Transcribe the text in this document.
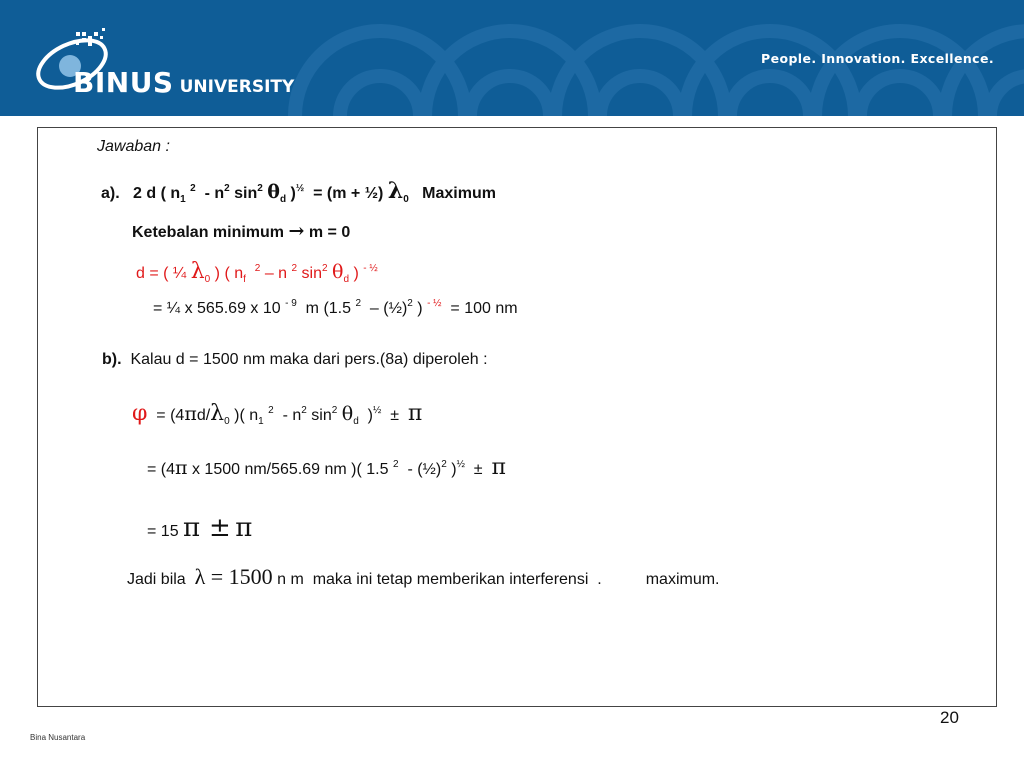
BINUS UNIVERSITY
People. Innovation. Excellence.
Jawaban :
a). 2 d ( $n_1$ $^2 - n^2$ $\sin^2 \theta_d$ )$^{\frac{1}{2}}$ = (m + ½) $\lambda_0$ Maximum
Ketebalan minimum → m = 0
d = ( ¼ $\lambda_0$ ) ( $n_f$  $^2$ – n $^2$ $\sin^2 \theta_d$ ) $^{- \frac{1}{2}}$
= ¼ x 565.69 x 10 $^{- 9}$ m (1.5 $^2$ – (½)$^2$ ) $^{- \frac{1}{2}}$ = 100 nm
b). Kalau d = 1500 nm maka dari pers.(8a) diperoleh :
$\varphi = (4\pi d/\lambda_0$ )( $n_1$ $^2 - n^2$ $\sin^2 \theta_d$ )$^{\frac{1}{2}}$ ± π
= (4π x 1500 nm/565.69 nm )( 1.5 $^2$ - (½)$^2$ )$^{\frac{1}{2}}$ ± π
= 15 π ± π
Jadi bila λ = 1500 n m maka ini tetap memberikan interferensi .	maximum.
20
Bina Nusantara
